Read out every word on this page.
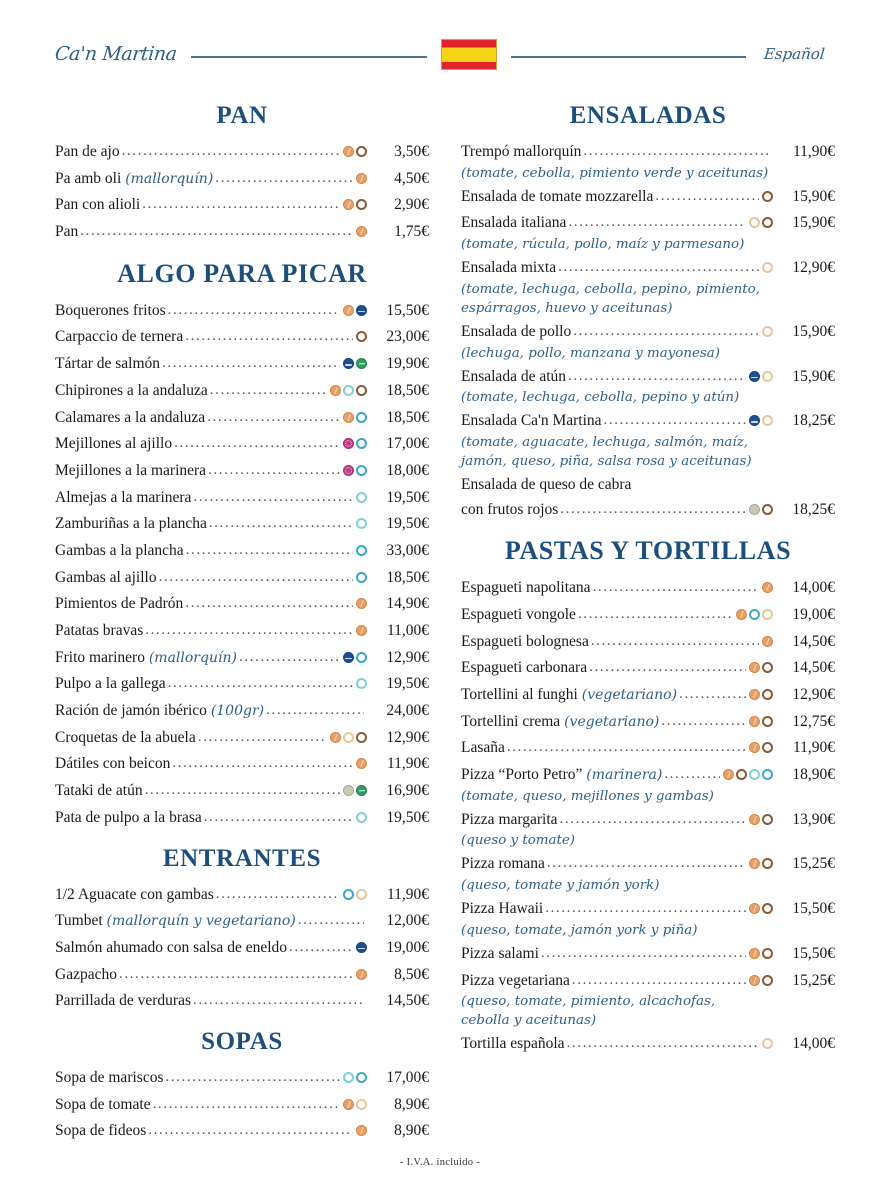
Ca'n Martina	Español
PAN
Pan de ajo .....	3,50€
Pa amb oli (mallorquín) .....	4,50€
Pan con alioli .....	2,90€
Pan .....	1,75€
ALGO PARA PICAR
Boquerones fritos .....	15,50€
Carpaccio de ternera .....	23,00€
Tártar de salmón .....	19,90€
Chipirones a la andaluza .....	18,50€
Calamares a la andaluza .....	18,50€
Mejillones al ajillo .....	17,00€
Mejillones a la marinera .....	18,00€
Almejas a la marinera .....	19,50€
Zamburiñas a la plancha .....	19,50€
Gambas a la plancha .....	33,00€
Gambas al ajillo .....	18,50€
Pimientos de Padrón .....	14,90€
Patatas bravas .....	11,00€
Frito marinero (mallorquín) .....	12,90€
Pulpo a la gallega .....	19,50€
Ración de jamón ibérico (100gr) .....	24,00€
Croquetas de la abuela .....	12,90€
Dátiles con beicon .....	11,90€
Tataki de atún .....	16,90€
Pata de pulpo a la brasa .....	19,50€
ENTRANTES
1/2 Aguacate con gambas .....	11,90€
Tumbet (mallorquín y vegetariano) .....	12,00€
Salmón ahumado con salsa de eneldo .....	19,00€
Gazpacho .....	8,50€
Parrillada de verduras .....	14,50€
SOPAS
Sopa de mariscos .....	17,00€
Sopa de tomate .....	8,90€
Sopa de fideos .....	8,90€
ENSALADAS
Trempó mallorquín .....	11,90€
(tomate, cebolla, pimiento verde y aceitunas)
Ensalada de tomate mozzarella .....	15,90€
Ensalada italiana .....	15,90€
(tomate, rúcula, pollo, maíz y parmesano)
Ensalada mixta .....	12,90€
(tomate, lechuga, cebolla, pepino, pimiento,
espárragos, huevo y aceitunas)
Ensalada de pollo .....	15,90€
(lechuga, pollo, manzana y mayonesa)
Ensalada de atún .....	15,90€
(tomate, lechuga, cebolla, pepino y atún)
Ensalada Ca'n Martina .....	18,25€
(tomate, aguacate, lechuga, salmón, maíz,
jamón, queso, piña, salsa rosa y aceitunas)
Ensalada de queso de cabra
con frutos rojos .....	18,25€
PASTAS Y TORTILLAS
Espagueti napolitana .....	14,00€
Espagueti vongole .....	19,00€
Espagueti bolognesa .....	14,50€
Espagueti carbonara .....	14,50€
Tortellini al funghi (vegetariano) .....	12,90€
Tortellini crema (vegetariano) .....	12,75€
Lasaña .....	11,90€
Pizza “Porto Petro” (marinera) .....	18,90€
(tomate, queso, mejillones y gambas)
Pizza margarita .....	13,90€
(queso y tomate)
Pizza romana .....	15,25€
(queso, tomate y jamón york)
Pizza Hawaii .....	15,50€
(queso, tomate, jamón york y piña)
Pizza salami .....	15,50€
Pizza vegetariana .....	15,25€
(queso, tomate, pimiento, alcachofas,
cebolla y aceitunas)
Tortilla española .....	14,00€
- I.V.A. incluido -
